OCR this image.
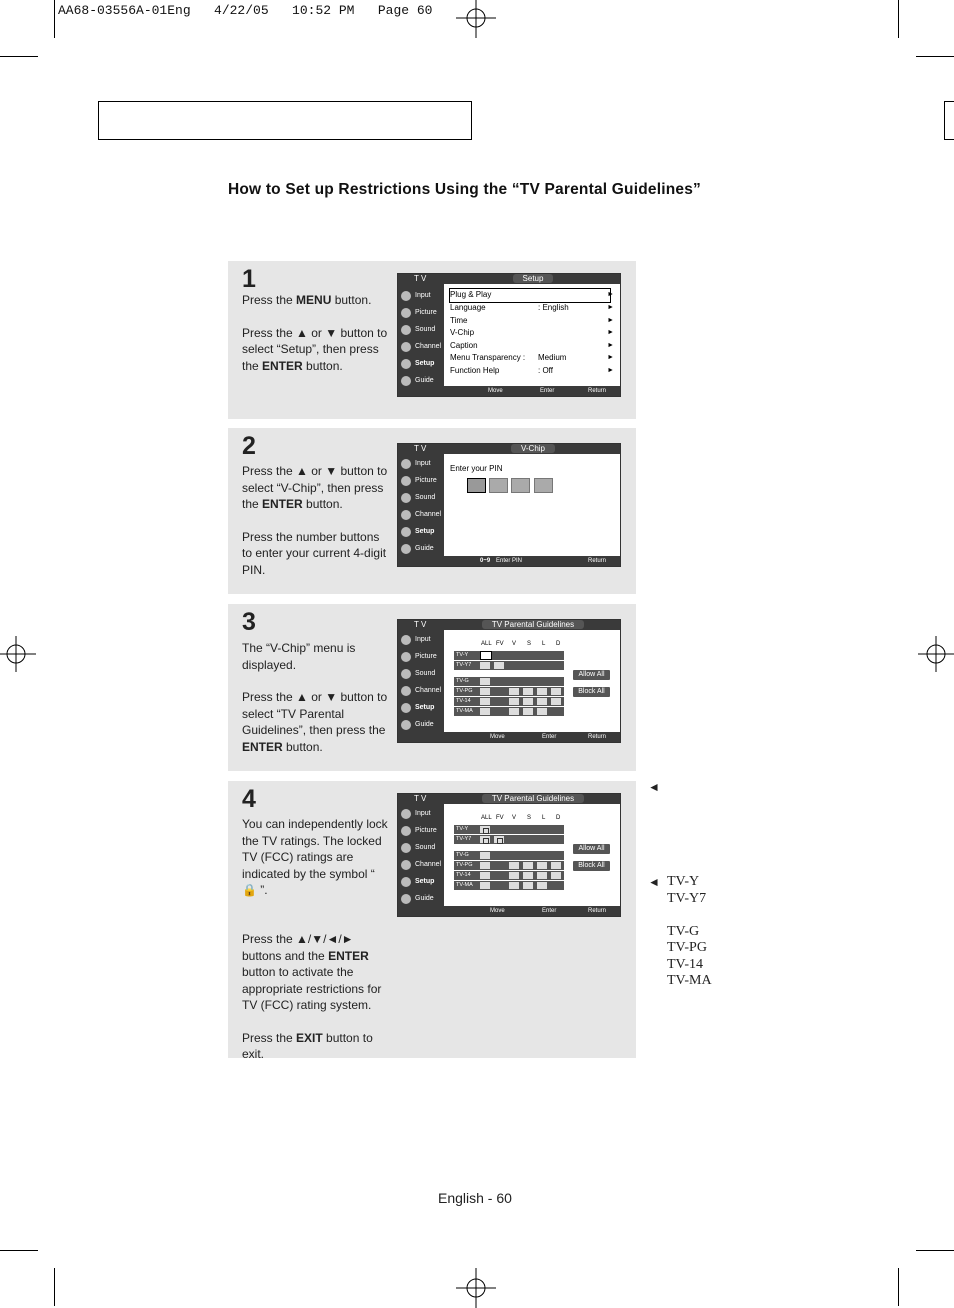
AA68-03556A-01Eng   4/22/05   10:52 PM   Page 60
How to Set up Restrictions Using the “TV Parental Guidelines”
1

Press the MENU button.

Press the ▲ or ▼ button to select “Setup”, then press the ENTER button.

T V	Setup
Input
Picture
Sound
Channel
Setup
Guide
Plug & Play	►
Language	: English	►
Time	►
V-Chip	►
Caption	►
Menu Transparency : Medium	►
Function Help	: Off	►
Move	Enter	Return
2

Press the ▲ or ▼ button to select “V-Chip”, then press the ENTER button.

Press the number buttons to enter your current 4-digit PIN.

T V	V-Chip
Input
Picture
Sound
Channel
Setup
Guide
Enter your PIN
0~9 Enter PIN	Return
3

The “V-Chip” menu is displayed.

Press the ▲ or ▼ button to select “TV Parental Guidelines”, then press the ENTER button.

T V	TV Parental Guidelines
Input
Picture
Sound
Channel
Setup
Guide
ALL FV V S L D
TV-Y
TV-Y7
TV-G
TV-PG
TV-14
TV-MA
Allow All
Block All
Move	Enter	Return
4

You can independently lock the TV ratings. The locked TV (FCC) ratings are indicated by the symbol “ 🔒 ”.

Press the ▲/▼/◄/► buttons and the ENTER button to activate the appropriate restrictions for TV (FCC) rating system.

Press the EXIT button to exit.

T V	TV Parental Guidelines
Input
Picture
Sound
Channel
Setup
Guide
ALL FV V S L D
TV-Y
TV-Y7
TV-G
TV-PG
TV-14
TV-MA
Allow All
Block All
Move	Enter	Return
◄
◄ TV-Y
TV-Y7
TV-G
TV-PG
TV-14
TV-MA
English - 60
